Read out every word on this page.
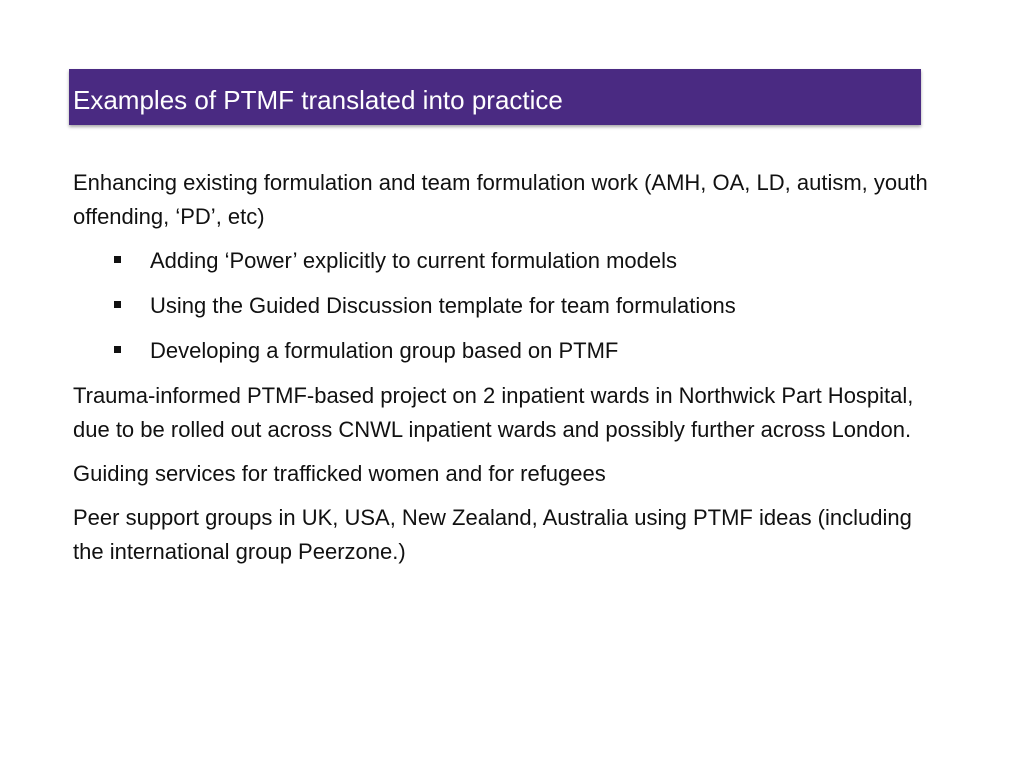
Examples of PTMF translated into practice

Enhancing existing formulation and team formulation work (AMH, OA, LD, autism, youth offending, ‘PD’, etc)

Adding ‘Power’ explicitly to current formulation models
Using the Guided Discussion template for team formulations
Developing a formulation group based on PTMF

Trauma-informed PTMF-based project on 2 inpatient wards in Northwick Part Hospital, due to be rolled out across CNWL inpatient wards and possibly further across London.

Guiding services for trafficked women and for refugees

Peer support groups in UK, USA, New Zealand, Australia using PTMF ideas (including the international group Peerzone.)
